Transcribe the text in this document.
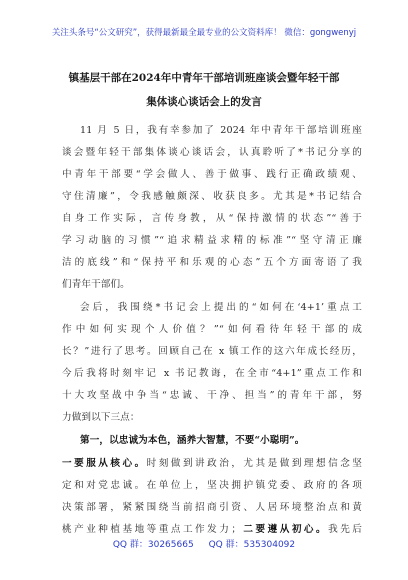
关注头条号“公文研究”，获得最新最全最专业的公文资料库！ 微信：gongwenyj
镇基层干部在2024年中青年干部培训班座谈会暨年轻干部
集体谈心谈话会上的发言
11 月 5 日，我有幸参加了 2024 年中青年干部培训班座
谈会暨年轻干部集体谈心谈话会，认真聆听了*书记分享的
中青年干部要“学会做人、善于做事、践行正确政绩观、
守住清廉”，令我感触颇深、收获良多。尤其是*书记结合
自身工作实际，言传身教，从“保持激情的状态”“善于
学习动脑的习惯”“追求精益求精的标准”“坚守清正廉
洁的底线”和“保持平和乐观的心态”五个方面寄语了我
们青年干部们。
会后，我围绕*书记会上提出的“如何在‘4+1’重点工
作中如何实现个人价值？”“如何看待年轻干部的成
长？”进行了思考。回顾自己在 x 镇工作的这六年成长经历，
今后我将时刻牢记 x 书记教诲，在全市“4+1”重点工作和
十大攻坚战中争当“忠诚、干净、担当”的青年干部，努
力做到以下三点：
第一，以忠诚为本色，涵养大智慧，不要“小聪明”。
一要服从核心。时刻做到讲政治，尤其是做到理想信念坚
定和对党忠诚。在单位上，坚决拥护镇党委、政府的各项
决策部署，紧紧围绕当前招商引资、人居环境整治点和黄
桃产业种植基地等重点工作发力；二要遵从初心。我先后
QQ 群：30265665 QQ 群：535304092
